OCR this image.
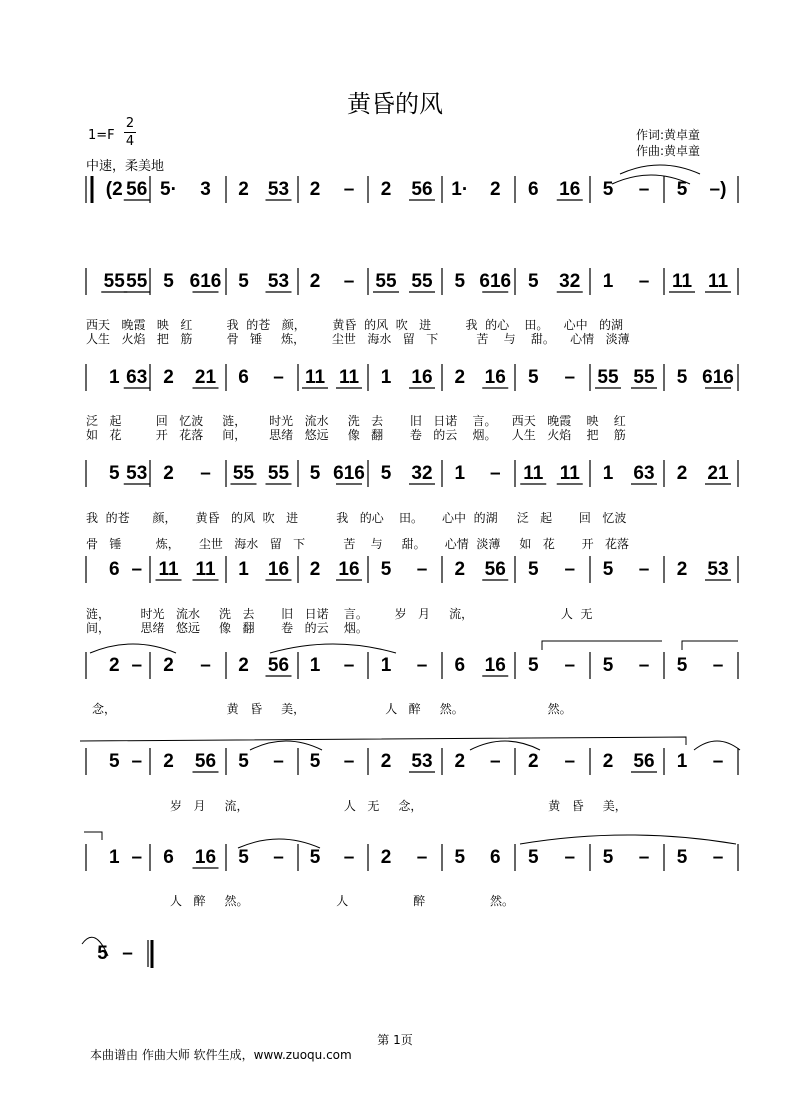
黄昏的风
1=F
2
4
中速，柔美地
作词:黄卓童
作曲:黄卓童
(2 56 5· 3 2 53 2 – 2 56 1· 2 6 16 5 – 5 –)
55 55 5 616 5 53 2 – 55 55 5 616 5 32 1 – 11 11
1 63 2 21 6 – 11 11 1 16 2 16 5 – 55 55 5 616
5 53 2 – 55 55 5 616 5 32 1 – 11 11 1 63 2 21
6 – 11 11 1 16 2 16 5 – 2 56 5 – 5 – 2 53
2 – 2 – 2 56 1 – 1 – 6 16 5 – 5 – 5 –
5 – 2 56 5 – 5 – 2 53 2 – 2 – 2 56 1 –
1 – 6 16 5 – 5 – 2 – 5 6 5 – 5 – 5 –
5 –
西天   晚霞   映   红         我  的苍   颜，       黄昏  的风  吹   进         我  的心    田。    心中   的湖
人生   火焰   把   筋         骨   锤     炼，       尘世   海水   留   下          苦    与    甜。    心情   淡薄
泛   起         回   忆波     涟，      时光   流水     洗   去       旧   日诺    言。    西天   晚霞    映    红
如   花         开   花落     间，      思绪   悠远     像   翻       卷   的云    烟。    人生   火焰    把    筋
我  的苍      颜，     黄昏   的风  吹   进          我   的心    田。     心中  的湖     泛   起       回   忆波
骨   锤         炼，     尘世   海水   留   下          苦    与     甜。     心情  淡薄     如   花       开   花落
涟，        时光   流水     洗   去       旧   日诺    言。       岁   月     流，                       人  无
间，        思绪   悠远     像   翻       卷   的云    烟。
念，                             黄   昏     美，                     人   醉     然。                      然。
岁   月     流，                         人   无     念，                                 黄   昏     美，
人   醉     然。                       人                 醉                 然。
第 1页
本曲谱由 作曲大师 软件生成，www.zuoqu.com
